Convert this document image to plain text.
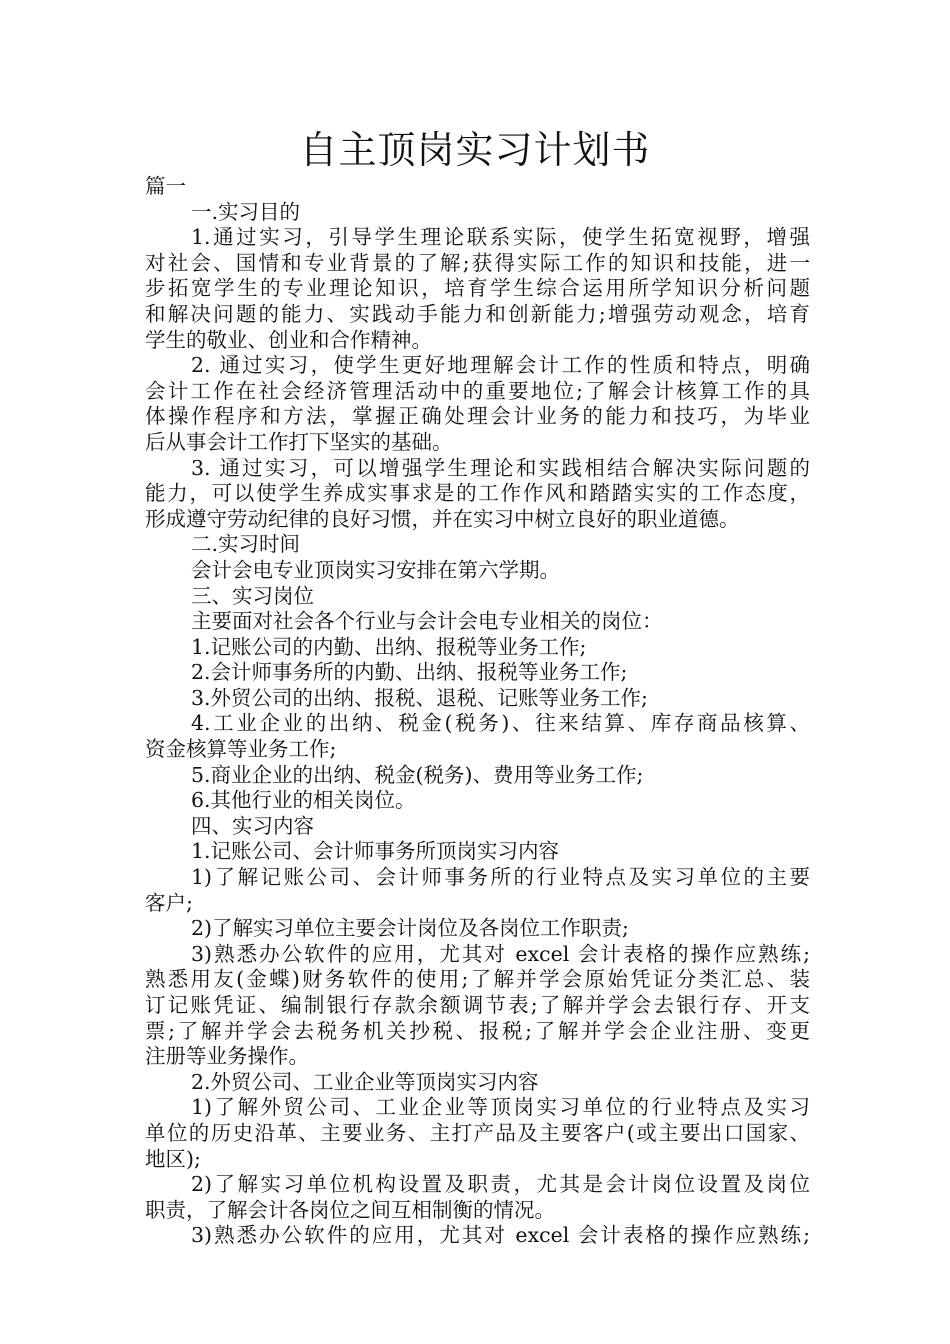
自主顶岗实习计划书
篇一
一.实习目的
1.通过实习，引导学生理论联系实际，使学生拓宽视野，增强
对社会、国情和专业背景的了解;获得实际工作的知识和技能，进一
步拓宽学生的专业理论知识，培育学生综合运用所学知识分析问题
和解决问题的能力、实践动手能力和创新能力;增强劳动观念，培育
学生的敬业、创业和合作精神。
2. 通过实习，使学生更好地理解会计工作的性质和特点，明确
会计工作在社会经济管理活动中的重要地位;了解会计核算工作的具
体操作程序和方法，掌握正确处理会计业务的能力和技巧，为毕业
后从事会计工作打下坚实的基础。
3. 通过实习，可以增强学生理论和实践相结合解决实际问题的
能力，可以使学生养成实事求是的工作作风和踏踏实实的工作态度，
形成遵守劳动纪律的良好习惯，并在实习中树立良好的职业道德。
二.实习时间
会计会电专业顶岗实习安排在第六学期。
三、实习岗位
主要面对社会各个行业与会计会电专业相关的岗位：
1.记账公司的内勤、出纳、报税等业务工作;
2.会计师事务所的内勤、出纳、报税等业务工作;
3.外贸公司的出纳、报税、退税、记账等业务工作;
4.工业企业的出纳、税金(税务)、往来结算、库存商品核算、
资金核算等业务工作;
5.商业企业的出纳、税金(税务)、费用等业务工作;
6.其他行业的相关岗位。
四、实习内容
1.记账公司、会计师事务所顶岗实习内容
1)了解记账公司、会计师事务所的行业特点及实习单位的主要
客户;
2)了解实习单位主要会计岗位及各岗位工作职责;
3)熟悉办公软件的应用，尤其对 excel 会计表格的操作应熟练;
熟悉用友(金蝶)财务软件的使用;了解并学会原始凭证分类汇总、装
订记账凭证、编制银行存款余额调节表;了解并学会去银行存、开支
票;了解并学会去税务机关抄税、报税;了解并学会企业注册、变更
注册等业务操作。
2.外贸公司、工业企业等顶岗实习内容
1)了解外贸公司、工业企业等顶岗实习单位的行业特点及实习
单位的历史沿革、主要业务、主打产品及主要客户(或主要出口国家、
地区);
2)了解实习单位机构设置及职责，尤其是会计岗位设置及岗位
职责，了解会计各岗位之间互相制衡的情况。
3)熟悉办公软件的应用，尤其对 excel 会计表格的操作应熟练;
